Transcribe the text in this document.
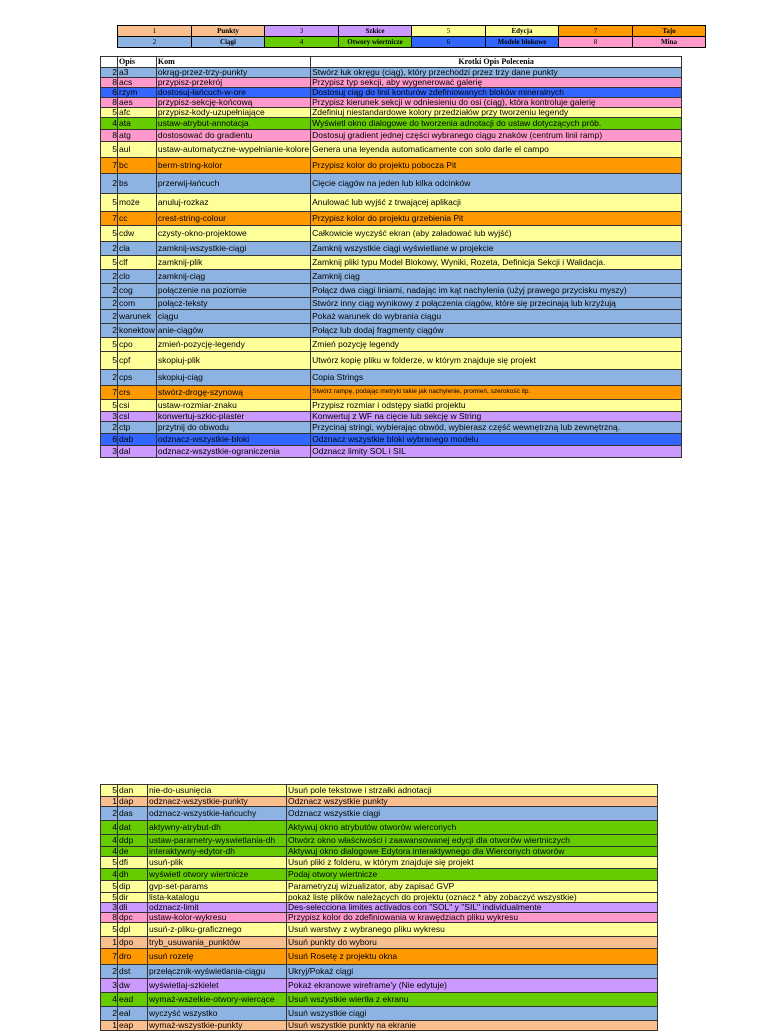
1	Punkty	3	Szkice	5	Edycja	7	Tajo
2	Ciągi	4	Otwory wiertnicze	6	Modele blokowe	8	Mina
	Opis	Kom	Krotki Opis Polecenia
2	a3	okrąg-przez-trzy-punkty	Stwórz łuk okręgu (ciąg), który przechodzi przez trzy dane punkty
8	acs	przypisz-przekrój	Przypisz typ sekcji, aby wygenerować galerię
6	rzym	dostosuj-łańcuch-w-ore	Dostosuj ciąg do linii konturów zdefiniowanych bloków mineralnych
8	aes	przypisz-sekcję-końcową	Przypisz kierunek sekcji w odniesieniu do osi (ciąg), która kontroluje galerię
5	afc	przypisz-kody-uzupełniające	Zdefiniuj niestandardowe kolory przedziałów przy tworzeniu legendy
4	ata	ustaw-atrybut-annotacja	Wyświetl okno dialogowe do tworzenia adnotacji do ustaw dotyczących prób.
8	atg	dostosować do gradientu	Dostosuj gradient jednej części wybranego ciągu znaków (centrum linii ramp)
5	aul	ustaw-automatyczne-wypełnianie-kolore	Genera una leyenda automaticamente con solo darle el campo
7	bc	berm-string-kolor	Przypisz kolor do projektu pobocza Pit
2	bs	przerwij-łańcuch	Cięcie ciągów na jeden lub kilka odcinków
5	może	anuluj-rozkaz	Anulować lub wyjść z trwającej aplikacji
7	cc	crest-string-colour	Przypisz kolor do projektu grzebienia Pit
5	cdw	czysty-okno-projektowe	Całkowicie wyczyść ekran (aby załadować lub wyjść)
2	cla	zamknij-wszystkie-ciągi	Zamknij wszystkie ciągi wyświetlane w projekcie
5	clf	zamknij-plik	Zamknij pliki typu Model Blokowy, Wyniki, Rozeta, Definicja Sekcji i Walidacja.
2	clo	zamknij-ciąg	Zamknij ciąg
2	cog	połączenie na poziomie	Połącz dwa ciągi liniami, nadając im kąt nachylenia (użyj prawego przycisku myszy)
2	com	połącz-teksty	Stwórz inny ciąg wynikowy z połączenia ciągów, które się przecinają lub krzyżują
2	warunek	ciągu	Pokaż warunek do wybrania ciągu
2	konektow	anie-ciągów	Połącz lub dodaj fragmenty ciągów
5	cpo	zmień-pozycję-legendy	Zmień pozycję legendy
5	cpf	skopiuj-plik	Utwórz kopię pliku w folderze, w którym znajduje się projekt
2	cps	skopiuj-ciąg	Copia Strings
7	crs	stwórz-drogę-szynową	Stwórz rampę, podając metryki takie jak nachylenie, promień, szerokość itp.
5	csi	ustaw-rozmiar-znaku	Przypisz rozmiar i odstępy siatki projektu
3	csl	konwertuj-szkic-plaster	Konwertuj z WF na cięcie lub sekcję w String
2	ctp	przytnij do obwodu	Przycinaj stringi, wybierając obwód, wybierasz część wewnętrzną lub zewnętrzną.
6	dab	odznacz-wszystkie-bloki	Odznacz wszystkie bloki wybranego modelu
3	dal	odznacz-wszystkie-ograniczenia	Odznacz limity SOL i SIL
5	dan	nie-do-usunięcia	Usuń pole tekstowe i strzałki adnotacji
1	dap	odznacz-wszystkie-punkty	Odznacz wszystkie punkty
2	das	odznacz-wszystkie-łańcuchy	Odznacz wszystkie ciągi
4	dat	aktywny-atrybut-dh	Aktywuj okno atrybutów otworów wierconych
4	ddp	ustaw-parametry-wyswietlania-dh	Otwórz okno właściwości i zaawansowanej edycji dla otworów wiertniczych
4	de	interaktywny-edytor-dh	Aktywuj okno dialogowe Edytora interaktywnego dla Wierconych otworów
5	dfi	usuń-plik	Usuń pliki z folderu, w którym znajduje się projekt
4	dh	wyświetl otwory wiertnicze	Podaj otwory wiertnicze
5	dip	gvp-set-params	Parametryzuj wizualizator, aby zapisać GVP
5	dir	lista-katalogu	pokaż listę plików należących do projektu (oznacz * aby zobaczyć wszystkie)
3	dli	odznacz-limit	Des-selecciona limites activados con "SOL" y "SIL" individualmente
8	dpc	ustaw-kolor-wykresu	Przypisz kolor do zdefiniowania w krawędziach pliku wykresu
5	dpl	usuń-z-pliku-graficznego	Usuń warstwy z wybranego pliku wykresu
1	dpo	tryb_usuwania_punktów	Usuń punkty do wyboru
7	dro	usuń rozetę	Usuń Rosetę z projektu okna
2	dst	przełącznik-wyświetlania-ciągu	Ukryj/Pokaż ciągi
3	dw	wyświetlaj-szkielet	Pokaż ekranowe wireframe'y (Nie edytuje)
4	ead	wymaż-wszelkie-otwory-wiercące	Usuń wszystkie wiertła z ekranu
2	eal	wyczyść wszystko	Usuń wszystkie ciągi
1	eap	wymaż-wszystkie-punkty	Usuń wszystkie punkty na ekranie
